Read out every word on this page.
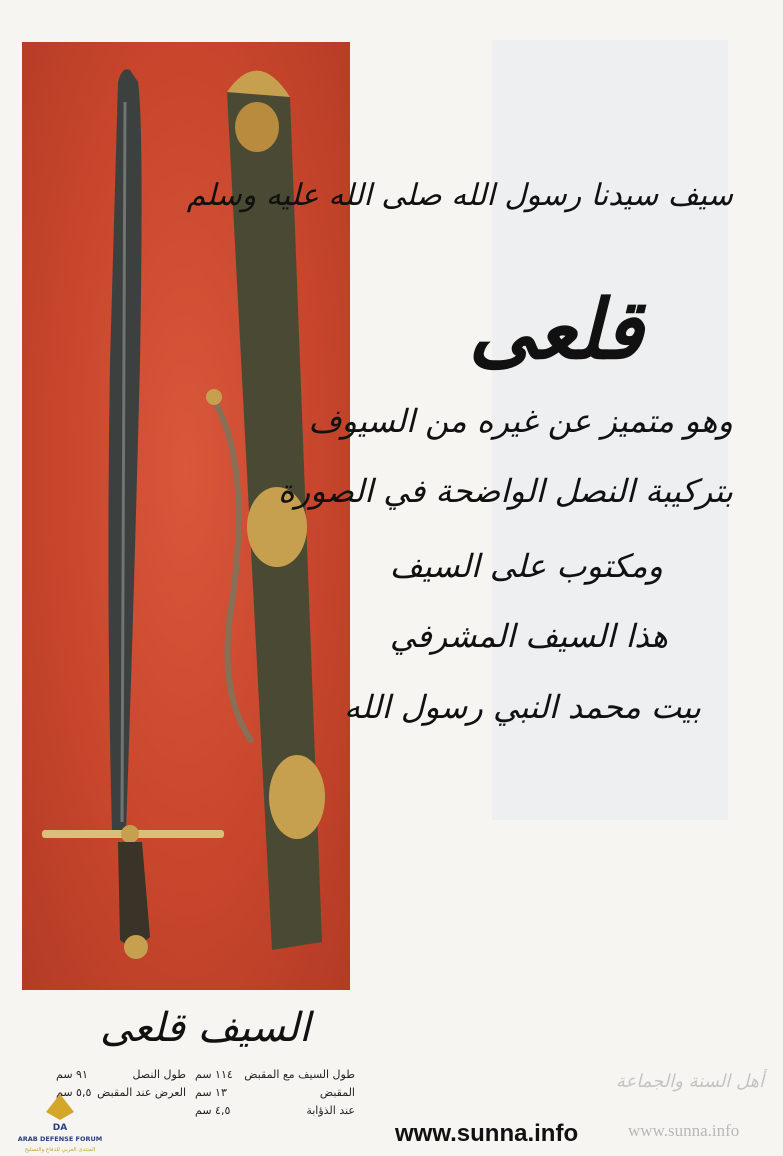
سيف سيدنا رسول الله صلى الله عليه وسلم
قلعى
وهو متميز عن غيره من السيوف
بتركيبة النصل الواضحة في الصورة
ومكتوب على السيف
هذا السيف المشرفي
بيت محمد النبي رسول الله
السيف قلعى
طول السيف مع المقبض
١١٤ سم
المقبض
١٣ سم
عند الذؤابة
٤,٥ سم
طول النصل
٩١ سم
العرض عند المقبض
٥,٥ سم
DA
ARAB DEFENSE FORUM
المنتدى العربي للدفاع والتسليح
www.sunna.info
أهل السنة والجماعة
www.sunna.info
